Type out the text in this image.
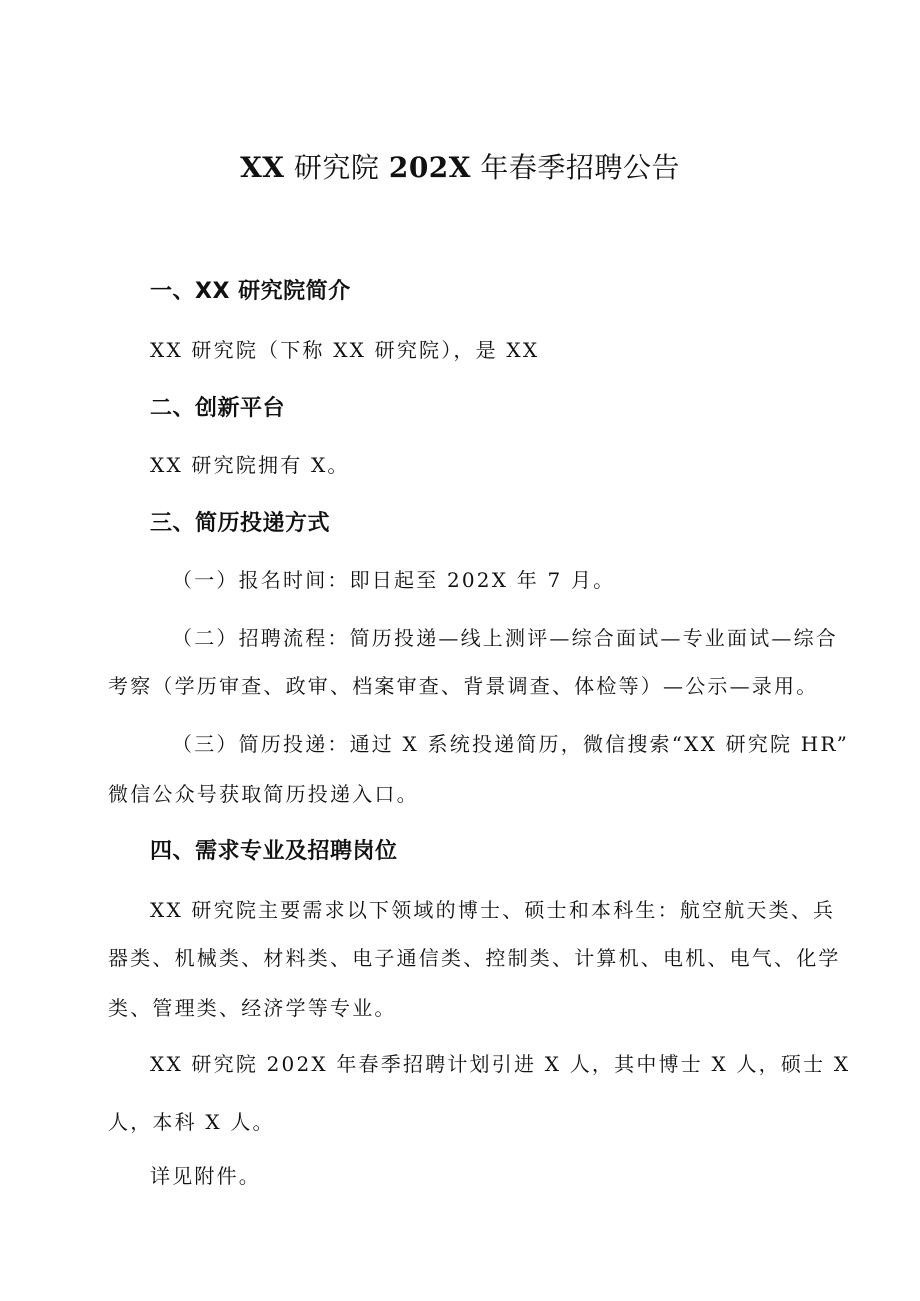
XX 研究院 202X 年春季招聘公告
一、XX 研究院简介

XX 研究院（下称 XX 研究院），是 XX

二、创新平台

XX 研究院拥有 X。

三、简历投递方式

（一）报名时间：即日起至 202X 年 7 月。

（二）招聘流程：简历投递—线上测评—综合面试—专业面试—综合

考察（学历审查、政审、档案审查、背景调查、体检等）—公示—录用。

（三）简历投递：通过 X 系统投递简历，微信搜索“XX 研究院 HR”

微信公众号获取简历投递入口。

四、需求专业及招聘岗位

XX 研究院主要需求以下领域的博士、硕士和本科生：航空航天类、兵

器类、机械类、材料类、电子通信类、控制类、计算机、电机、电气、化学

类、管理类、经济学等专业。

XX 研究院 202X 年春季招聘计划引进 X 人，其中博士 X 人，硕士 X

人，本科 X 人。

详见附件。
